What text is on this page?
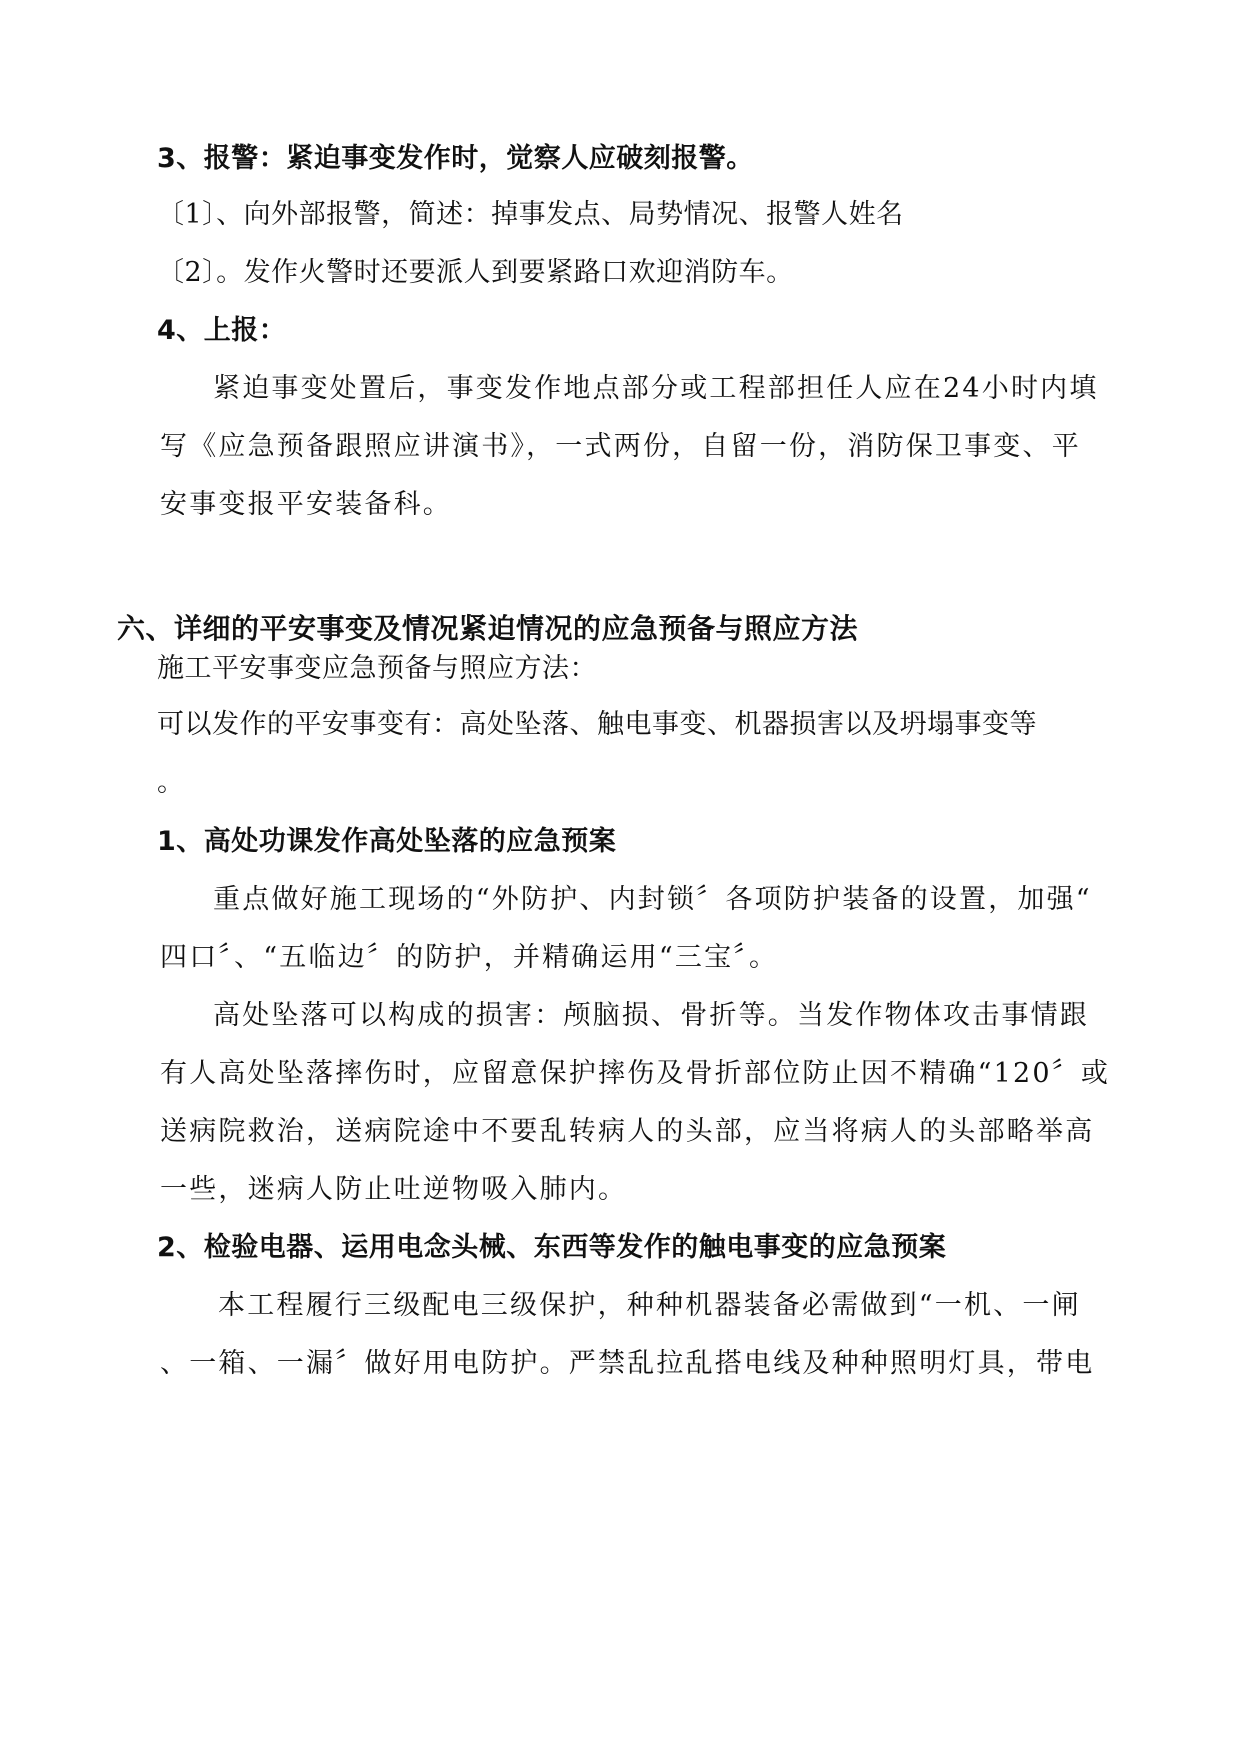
3、报警：紧迫事变发作时，觉察人应破刻报警。
〔1〕、向外部报警，简述：掉事发点、局势情况、报警人姓名
〔2〕。发作火警时还要派人到要紧路口欢迎消防车。
4、上报：
紧迫事变处置后，事变发作地点部分或工程部担任人应在24小时内填
写《应急预备跟照应讲演书》，一式两份，自留一份，消防保卫事变、平
安事变报平安装备科。
六、详细的平安事变及情况紧迫情况的应急预备与照应方法
施工平安事变应急预备与照应方法：
可以发作的平安事变有：高处坠落、触电事变、机器损害以及坍塌事变等
。
1、高处功课发作高处坠落的应急预案
重点做好施工现场的“外防护、内封锁〞各项防护装备的设置，加强“
四口〞、“五临边〞的防护，并精确运用“三宝〞。
高处坠落可以构成的损害：颅脑损、骨折等。当发作物体攻击事情跟
有人高处坠落摔伤时，应留意保护摔伤及骨折部位防止因不精确“120〞或
送病院救治，送病院途中不要乱转病人的头部，应当将病人的头部略举高
一些，迷病人防止吐逆物吸入肺内。
2、检验电器、运用电念头械、东西等发作的触电事变的应急预案
本工程履行三级配电三级保护，种种机器装备必需做到“一机、一闸
、一箱、一漏〞做好用电防护。严禁乱拉乱搭电线及种种照明灯具，带电
